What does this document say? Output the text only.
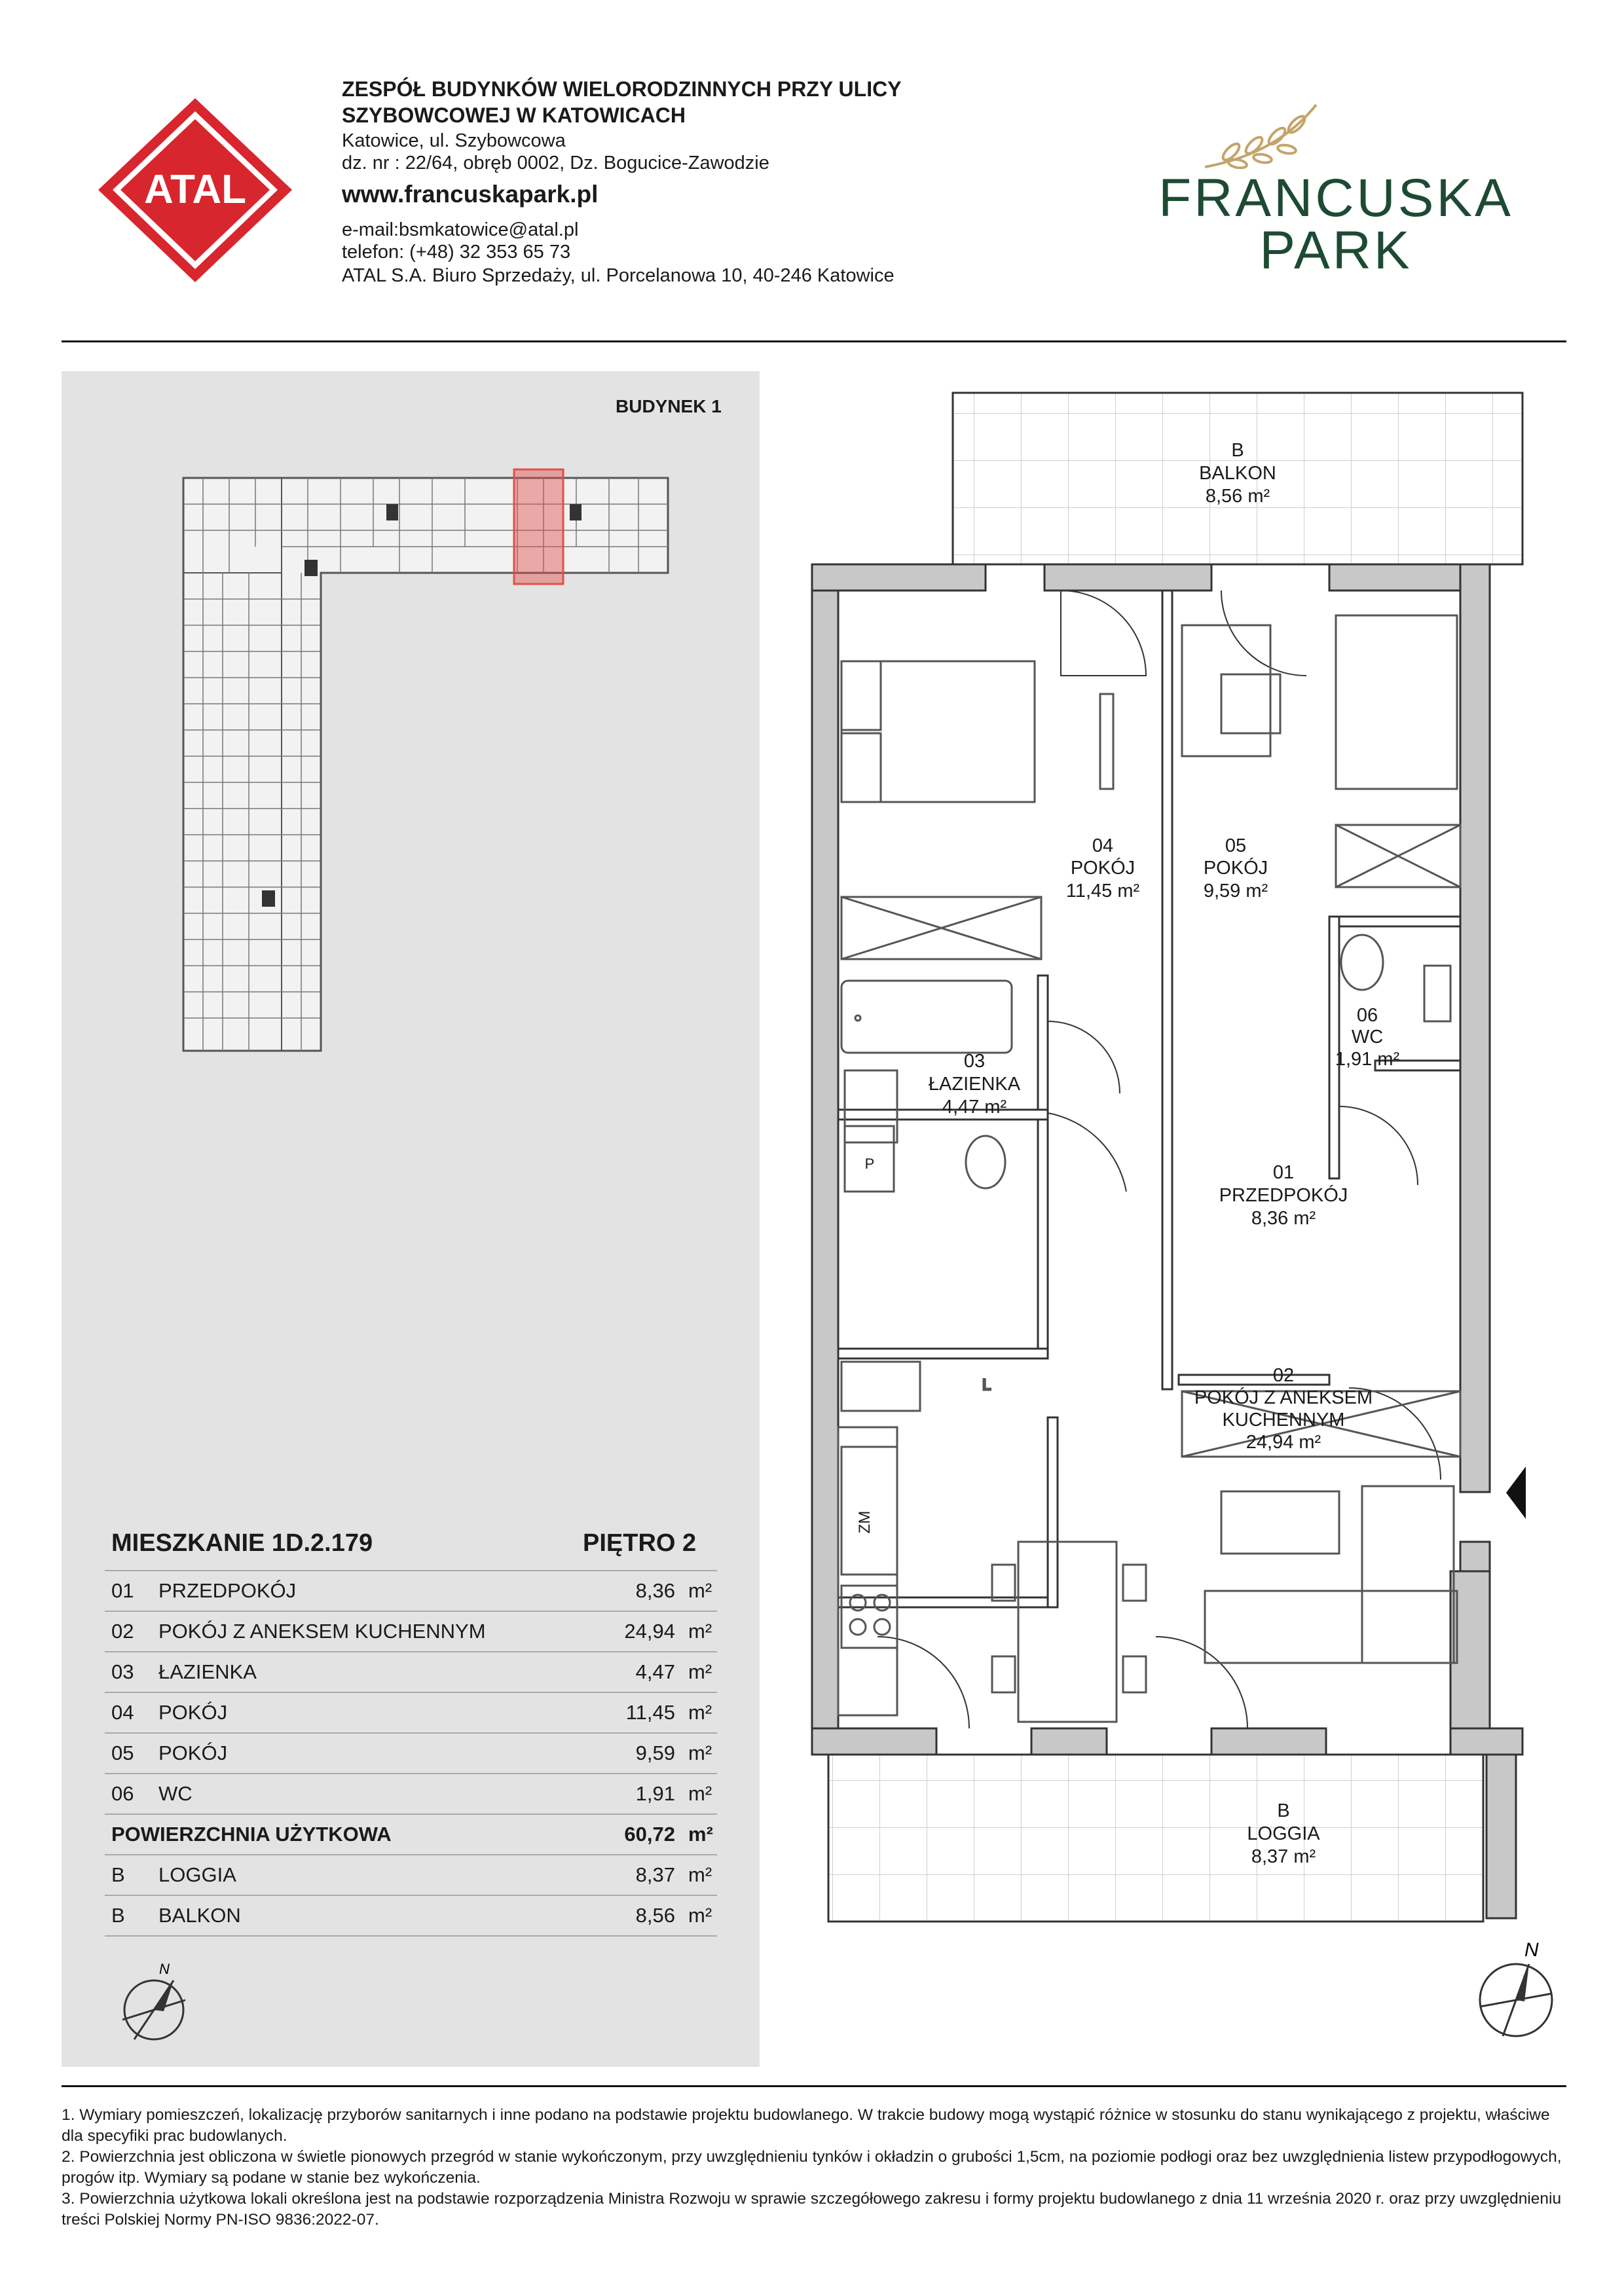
ATAL
ZESPÓŁ BUDYNKÓW WIELORODZINNYCH PRZY ULICY
SZYBOWCOWEJ W KATOWICACH
Katowice, ul. Szybowcowa
dz. nr : 22/64, obręb 0002, Dz. Bogucice-Zawodzie
www.francuskapark.pl
e-mail:bsmkatowice@atal.pl
telefon: (+48) 32 353 65 73
ATAL S.A. Biuro Sprzedaży, ul. Porcelanowa 10, 40-246 Katowice
FRANCUSKA
PARK
BUDYNEK 1
MIESZKANIE 1D.2.179	PIĘTRO 2
01	PRZEDPOKÓJ	8,36 m²
02	POKÓJ Z ANEKSEM KUCHENNYM	24,94 m²
03	ŁAZIENKA	4,47 m²
04	POKÓJ	11,45 m²
05	POKÓJ	9,59 m²
06	WC	1,91 m²
POWIERZCHNIA UŻYTKOWA	60,72 m²
B	LOGGIA	8,37 m²
B	BALKON	8,56 m²
N
L
B
BALKON
8,56 m²
04
POKÓJ
11,45 m²
05
POKÓJ
9,59 m²
06
WC
1,91 m²
03
ŁAZIENKA
4,47 m²
01
PRZEDPOKÓJ
8,36 m²
02
POKÓJ Z ANEKSEM
KUCHENNYM
24,94 m²
B
LOGGIA
8,37 m²
ZM
P
N

1. Wymiary pomieszczeń, lokalizację przyborów sanitarnych i inne podano na podstawie projektu budowlanego. W trakcie budowy mogą wystąpić różnice w stosunku do stanu wynikającego z projektu, właściwe dla specyfiki prac budowlanych.

2. Powierzchnia jest obliczona w świetle pionowych przegród w stanie wykończonym, przy uwzględnieniu tynków i okładzin o grubości 1,5cm, na poziomie podłogi oraz bez uwzględnienia listew przypodłogowych, progów itp. Wymiary są podane w stanie bez wykończenia.

3. Powierzchnia użytkowa lokali określona jest na podstawie rozporządzenia Ministra Rozwoju w sprawie szczegółowego zakresu i formy projektu budowlanego z dnia 11 września 2020 r. oraz przy uwzględnieniu treści Polskiej Normy PN-ISO 9836:2022-07.
